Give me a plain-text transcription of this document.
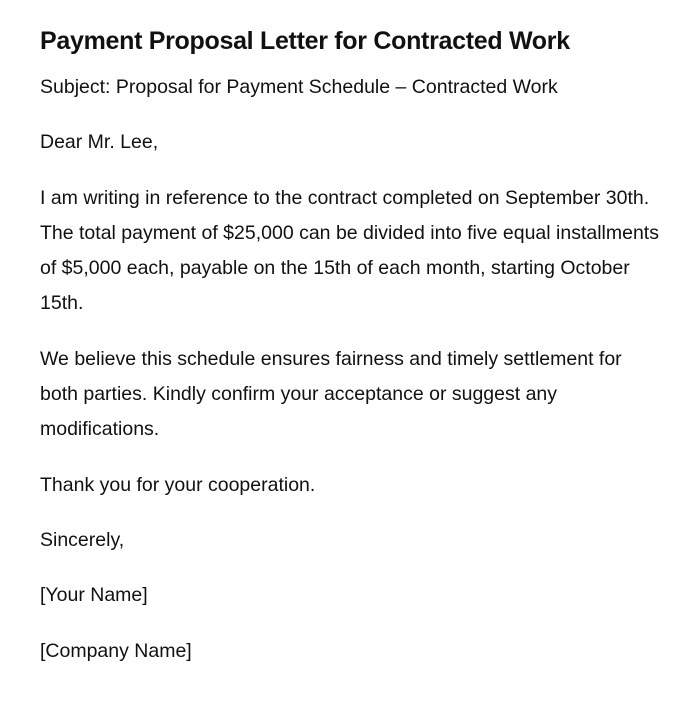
Payment Proposal Letter for Contracted Work

Subject: Proposal for Payment Schedule – Contracted Work

Dear Mr. Lee,

I am writing in reference to the contract completed on September 30th. The total payment of $25,000 can be divided into five equal installments of $5,000 each, payable on the 15th of each month, starting October 15th.

We believe this schedule ensures fairness and timely settlement for both parties. Kindly confirm your acceptance or suggest any modifications.

Thank you for your cooperation.

Sincerely,

[Your Name]

[Company Name]
